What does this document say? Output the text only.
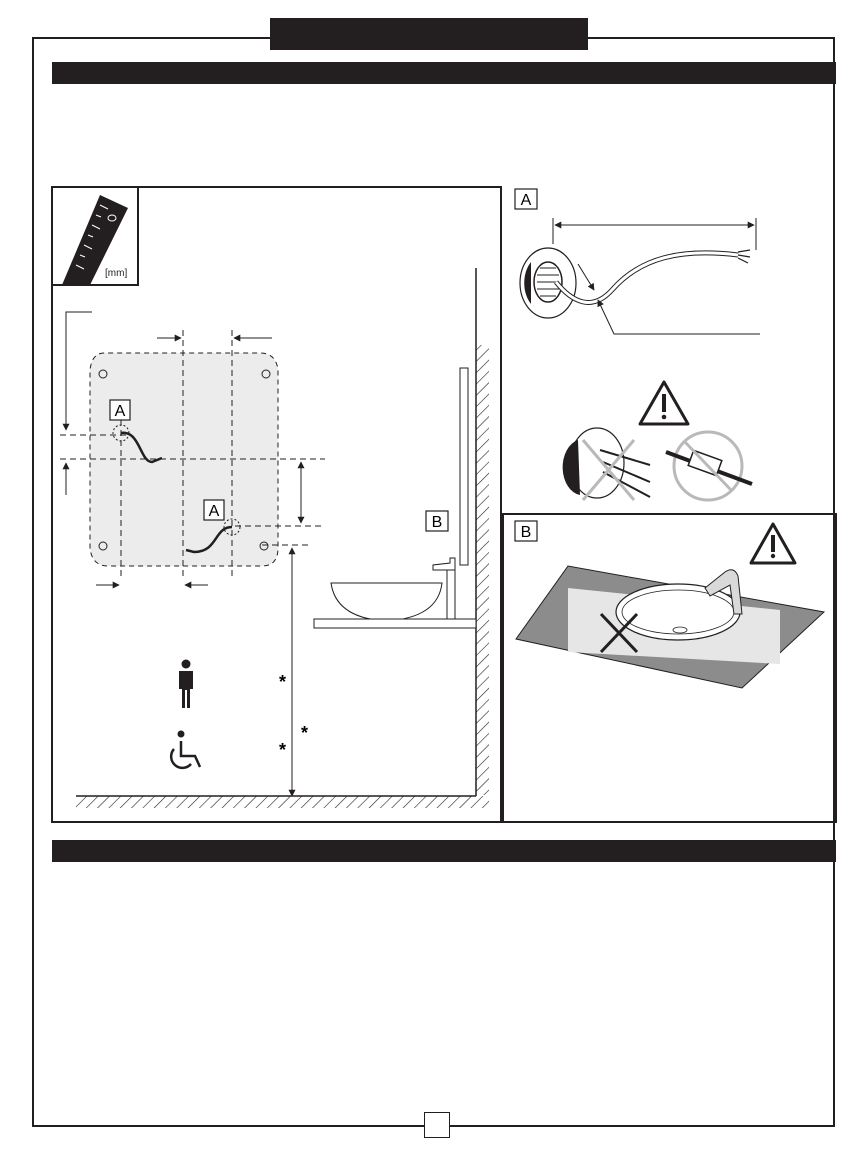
[mm]
A
A
B
*
*
*
A
B
